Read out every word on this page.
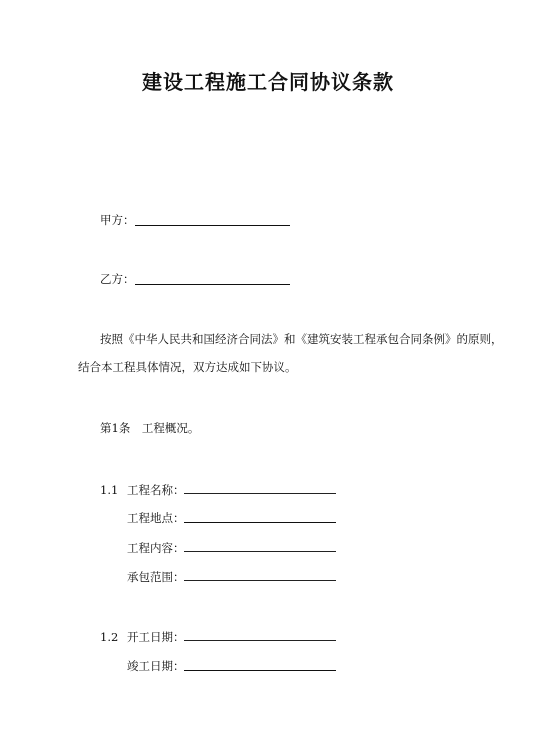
建设工程施工合同协议条款
甲方：
乙方：
按照《中华人民共和国经济合同法》和《建筑安装工程承包合同条例》的原则，
结合本工程具体情况，双方达成如下协议。
第1条　工程概况。
1.1 工程名称：
工程地点：
工程内容：
承包范围：
1.2 开工日期：
竣工日期：
